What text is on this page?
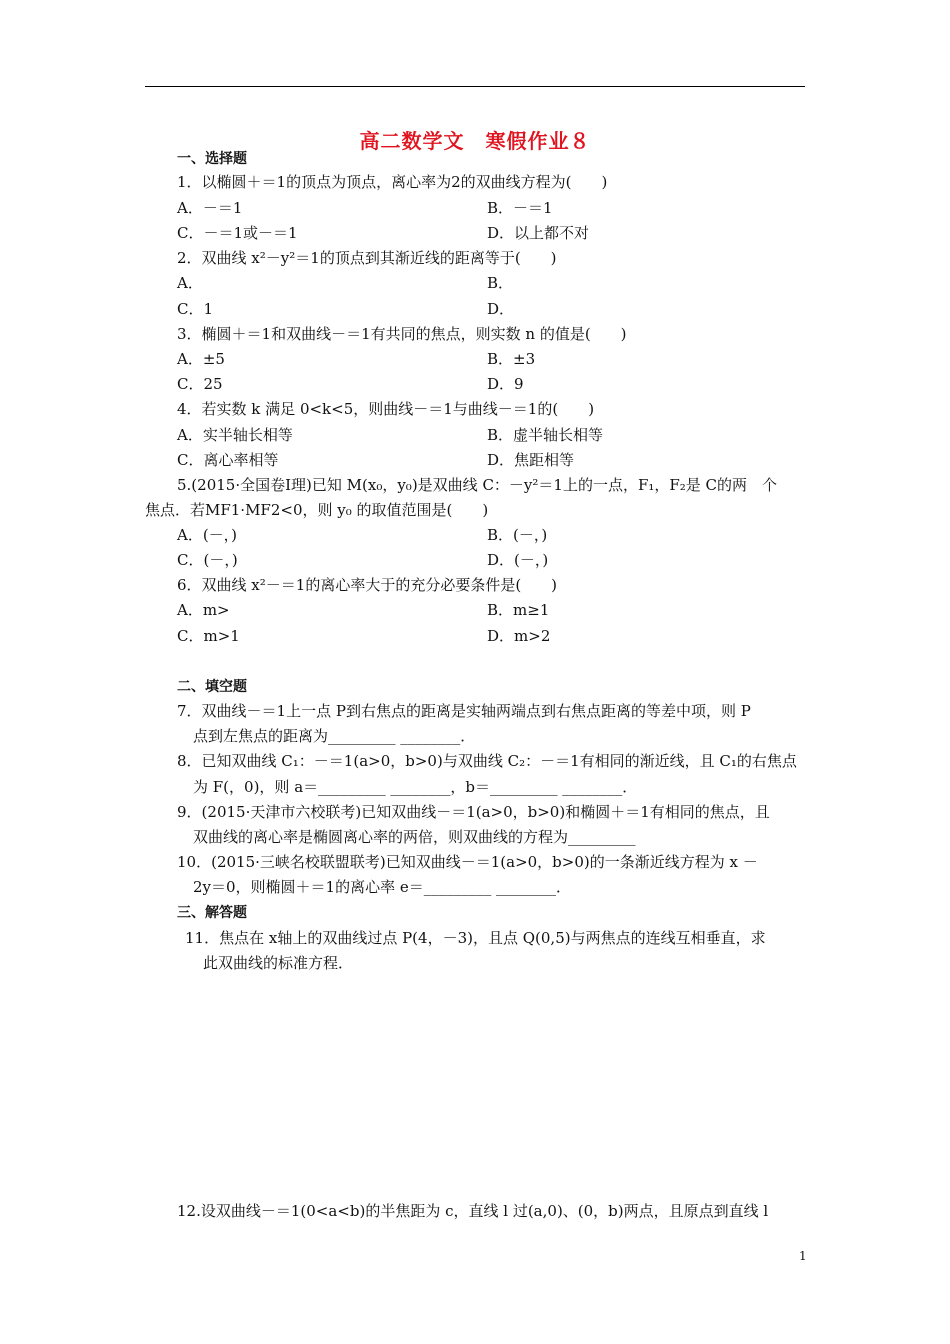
高二数学文　寒假作业８
一、选择题
1．以椭圆＋＝1的顶点为顶点，离心率为2的双曲线方程为(　　)
A．－＝1	B．－＝1
C．－＝1或－＝1	D．以上都不对
2．双曲线 x²－y²＝1的顶点到其渐近线的距离等于(　　)
A．	B．
C．1	D．
3．椭圆＋＝1和双曲线－＝1有共同的焦点，则实数 n 的值是(　　)
A．±5	B．±3
C．25	D．9
4．若实数 k 满足 0<k<5，则曲线－＝1与曲线－＝1的(　　)
A．实半轴长相等	B．虚半轴长相等
C．离心率相等	D．焦距相等
5.(2015·全国卷Ⅰ理)已知 M(x₀，y₀)是双曲线 C：－y²＝1上的一点，F₁，F₂是 C的两　个
焦点．若MF1·MF2<0，则 y₀ 的取值范围是(　　)
A．(－，)	B．(－，)
C．(－，)	D．(－，)
6．双曲线 x²－＝1的离心率大于的充分必要条件是(　　)
A．m>	B．m≥1
C．m>1	D．m>2
二、填空题
7．双曲线－＝1上一点 P到右焦点的距离是实轴两端点到右焦点距离的等差中项，则 P
点到左焦点的距离为_________ ________．
8．已知双曲线 C₁：－＝1(a>0，b>0)与双曲线 C₂：－＝1有相同的渐近线，且 C₁的右焦点
为 F(，0)，则 a＝_________ ________，b＝_________ ________．
9．(2015·天津市六校联考)已知双曲线－＝1(a>0，b>0)和椭圆＋＝1有相同的焦点，且
双曲线的离心率是椭圆离心率的两倍，则双曲线的方程为_________
10．(2015·三峡名校联盟联考)已知双曲线－＝1(a>0，b>0)的一条渐近线方程为 x －
2y＝0，则椭圆＋＝1的离心率 e＝_________ ________．
三、解答题
11．焦点在 x轴上的双曲线过点 P(4，－3)，且点 Q(0,5)与两焦点的连线互相垂直，求
此双曲线的标准方程．
12.设双曲线－＝1(0<a<b)的半焦距为 c，直线 l 过(a,0)、(0，b)两点，且原点到直线 l
1
